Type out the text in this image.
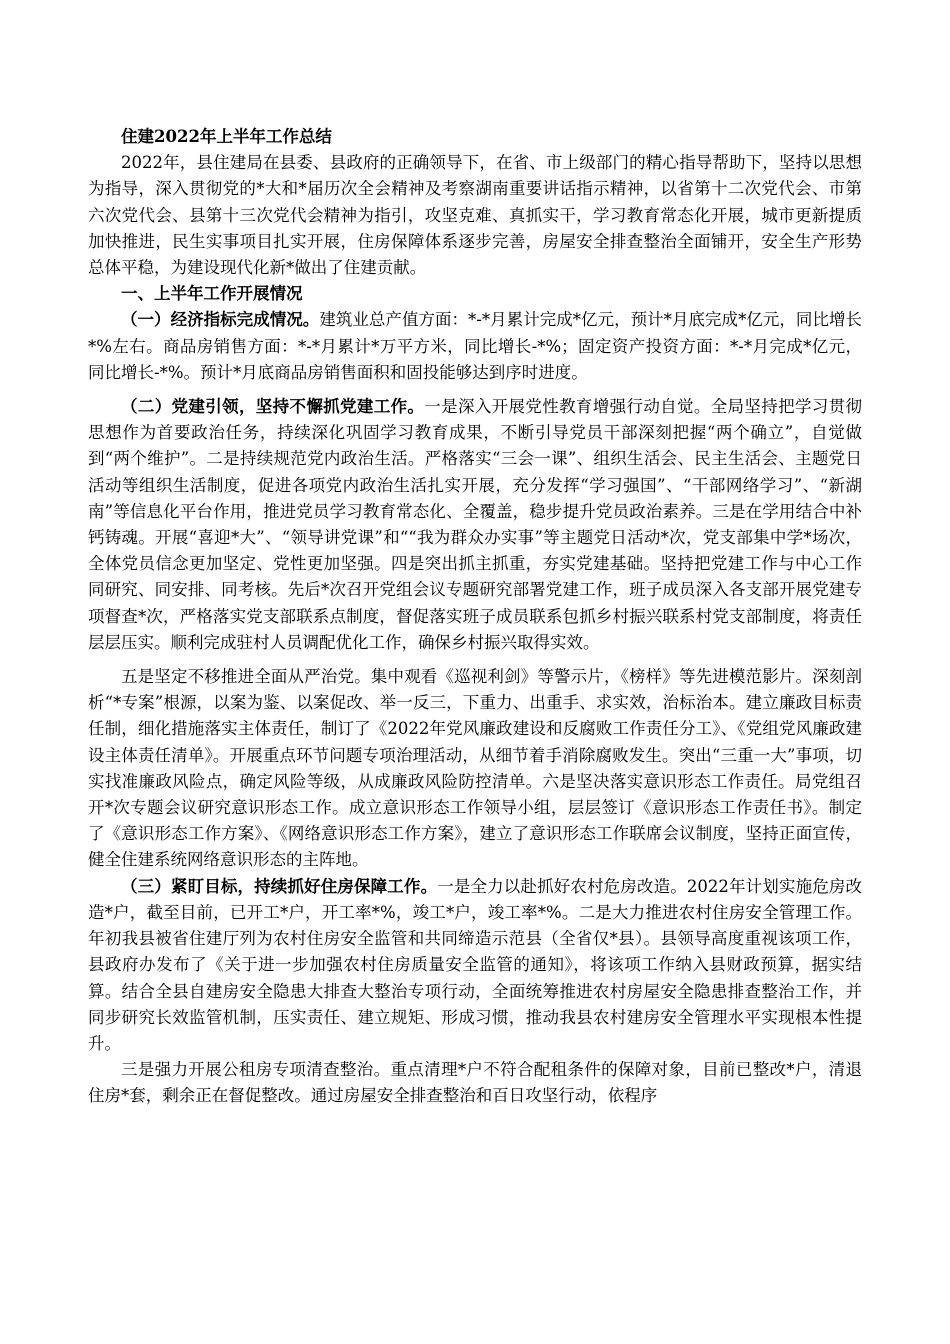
住建2022年上半年工作总结

2022年，县住建局在县委、县政府的正确领导下，在省、市上级部门的精心指导帮助下，坚持以思想为指导，深入贯彻党的*大和*届历次全会精神及考察湖南重要讲话指示精神，以省第十二次党代会、市第六次党代会、县第十三次党代会精神为指引，攻坚克难、真抓实干，学习教育常态化开展，城市更新提质加快推进，民生实事项目扎实开展，住房保障体系逐步完善，房屋安全排查整治全面铺开，安全生产形势总体平稳，为建设现代化新*做出了住建贡献。

一、上半年工作开展情况

（一）经济指标完成情况。建筑业总产值方面：*-*月累计完成*亿元，预计*月底完成*亿元，同比增长*%左右。商品房销售方面：*-*月累计*万平方米，同比增长-*%；固定资产投资方面：*-*月完成*亿元，同比增长-*%。预计*月底商品房销售面积和固投能够达到序时进度。

（二）党建引领，坚持不懈抓党建工作。一是深入开展党性教育增强行动自觉。全局坚持把学习贯彻思想作为首要政治任务，持续深化巩固学习教育成果，不断引导党员干部深刻把握“两个确立”，自觉做到“两个维护”。二是持续规范党内政治生活。严格落实“三会一课”、组织生活会、民主生活会、主题党日活动等组织生活制度，促进各项党内政治生活扎实开展，充分发挥“学习强国”、“干部网络学习”、“新湖南”等信息化平台作用，推进党员学习教育常态化、全覆盖，稳步提升党员政治素养。三是在学用结合中补钙铸魂。开展“喜迎*大”、“领导讲党课”和““我为群众办实事”等主题党日活动*次，党支部集中学*场次，全体党员信念更加坚定、党性更加坚强。四是突出抓主抓重，夯实党建基础。坚持把党建工作与中心工作同研究、同安排、同考核。先后*次召开党组会议专题研究部署党建工作，班子成员深入各支部开展党建专项督查*次，严格落实党支部联系点制度，督促落实班子成员联系包抓乡村振兴联系村党支部制度，将责任层层压实。顺利完成驻村人员调配优化工作，确保乡村振兴取得实效。

五是坚定不移推进全面从严治党。集中观看《巡视利剑》等警示片，《榜样》等先进模范影片。深刻剖析“*专案”根源，以案为鉴、以案促改、举一反三，下重力、出重手、求实效，治标治本。建立廉政目标责任制，细化措施落实主体责任，制订了《2022年党风廉政建设和反腐败工作责任分工》、《党组党风廉政建设主体责任清单》。开展重点环节问题专项治理活动，从细节着手消除腐败发生。突出“三重一大”事项，切实找准廉政风险点，确定风险等级，从成廉政风险防控清单。六是坚决落实意识形态工作责任。局党组召开*次专题会议研究意识形态工作。成立意识形态工作领导小组，层层签订《意识形态工作责任书》。制定了《意识形态工作方案》、《网络意识形态工作方案》，建立了意识形态工作联席会议制度，坚持正面宣传，健全住建系统网络意识形态的主阵地。

（三）紧盯目标，持续抓好住房保障工作。一是全力以赴抓好农村危房改造。2022年计划实施危房改造*户，截至目前，已开工*户，开工率*%，竣工*户，竣工率*%。二是大力推进农村住房安全管理工作。年初我县被省住建厅列为农村住房安全监管和共同缔造示范县（全省仅*县）。县领导高度重视该项工作，县政府办发布了《关于进一步加强农村住房质量安全监管的通知》，将该项工作纳入县财政预算，据实结算。结合全县自建房安全隐患大排查大整治专项行动，全面统筹推进农村房屋安全隐患排查整治工作，并同步研究长效监管机制，压实责任、建立规矩、形成习惯，推动我县农村建房安全管理水平实现根本性提升。

三是强力开展公租房专项清查整治。重点清理*户不符合配租条件的保障对象，目前已整改*户，清退住房*套，剩余正在督促整改。通过房屋安全排查整治和百日攻坚行动，依程序
